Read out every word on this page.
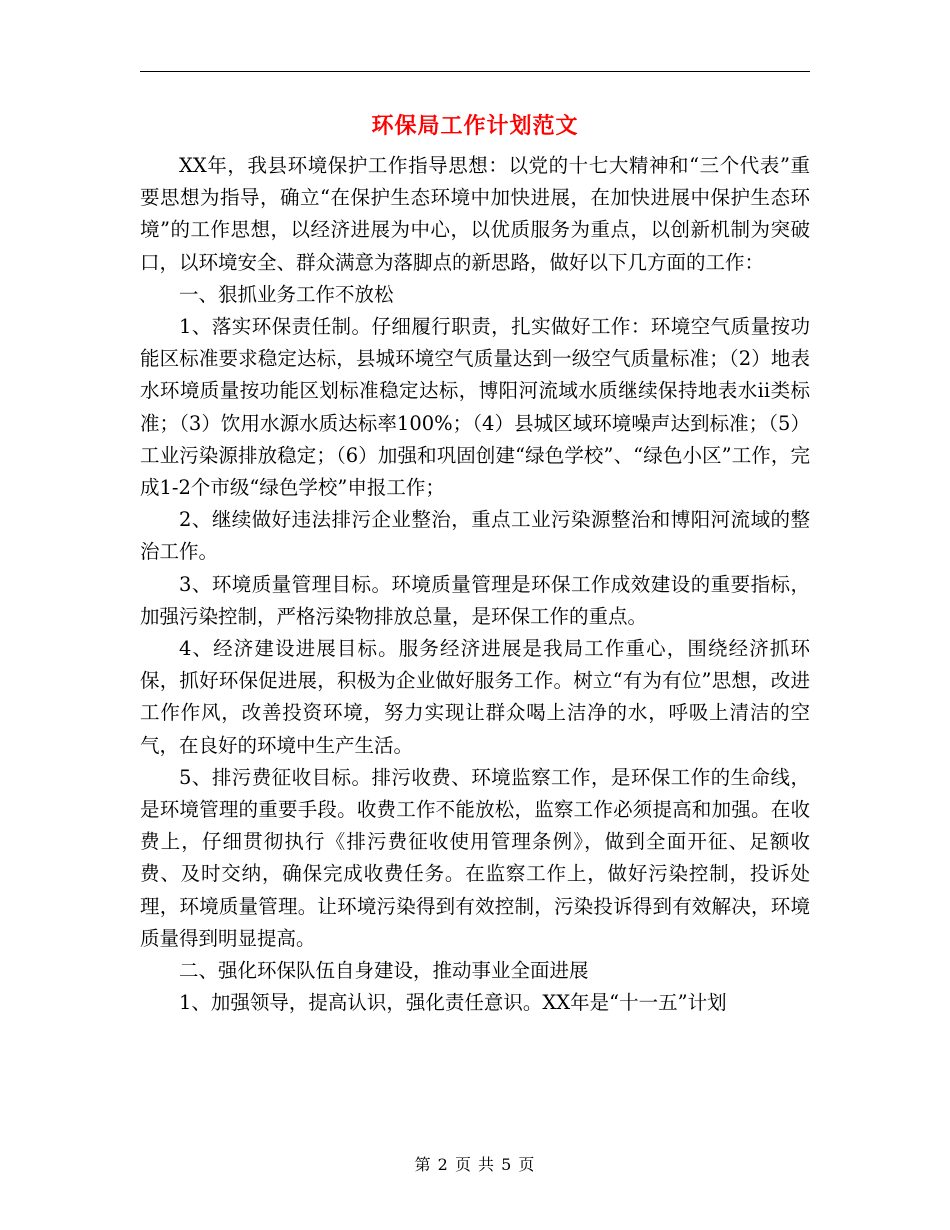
环保局工作计划范文

XX年，我县环境保护工作指导思想：以党的十七大精神和“三个代表”重要思想为指导，确立“在保护生态环境中加快进展，在加快进展中保护生态环境”的工作思想，以经济进展为中心，以优质服务为重点，以创新机制为突破口，以环境安全、群众满意为落脚点的新思路，做好以下几方面的工作：

一、狠抓业务工作不放松

1、落实环保责任制。仔细履行职责，扎实做好工作：环境空气质量按功能区标准要求稳定达标，县城环境空气质量达到一级空气质量标准；（2）地表水环境质量按功能区划标准稳定达标，博阳河流域水质继续保持地表水ii类标准；（3）饮用水源水质达标率100%；（4）县城区域环境噪声达到标准；（5）工业污染源排放稳定；（6）加强和巩固创建“绿色学校”、“绿色小区”工作，完成1-2个市级“绿色学校”申报工作；

2、继续做好违法排污企业整治，重点工业污染源整治和博阳河流域的整治工作。

3、环境质量管理目标。环境质量管理是环保工作成效建设的重要指标，加强污染控制，严格污染物排放总量，是环保工作的重点。

4、经济建设进展目标。服务经济进展是我局工作重心，围绕经济抓环保，抓好环保促进展，积极为企业做好服务工作。树立“有为有位”思想，改进工作作风，改善投资环境，努力实现让群众喝上洁净的水，呼吸上清洁的空气，在良好的环境中生产生活。

5、排污费征收目标。排污收费、环境监察工作，是环保工作的生命线，是环境管理的重要手段。收费工作不能放松，监察工作必须提高和加强。在收费上，仔细贯彻执行《排污费征收使用管理条例》，做到全面开征、足额收费、及时交纳，确保完成收费任务。在监察工作上，做好污染控制，投诉处理，环境质量管理。让环境污染得到有效控制，污染投诉得到有效解决，环境质量得到明显提高。

二、强化环保队伍自身建设，推动事业全面进展

1、加强领导，提高认识，强化责任意识。XX年是“十一五”计划

第 2 页 共 5 页
